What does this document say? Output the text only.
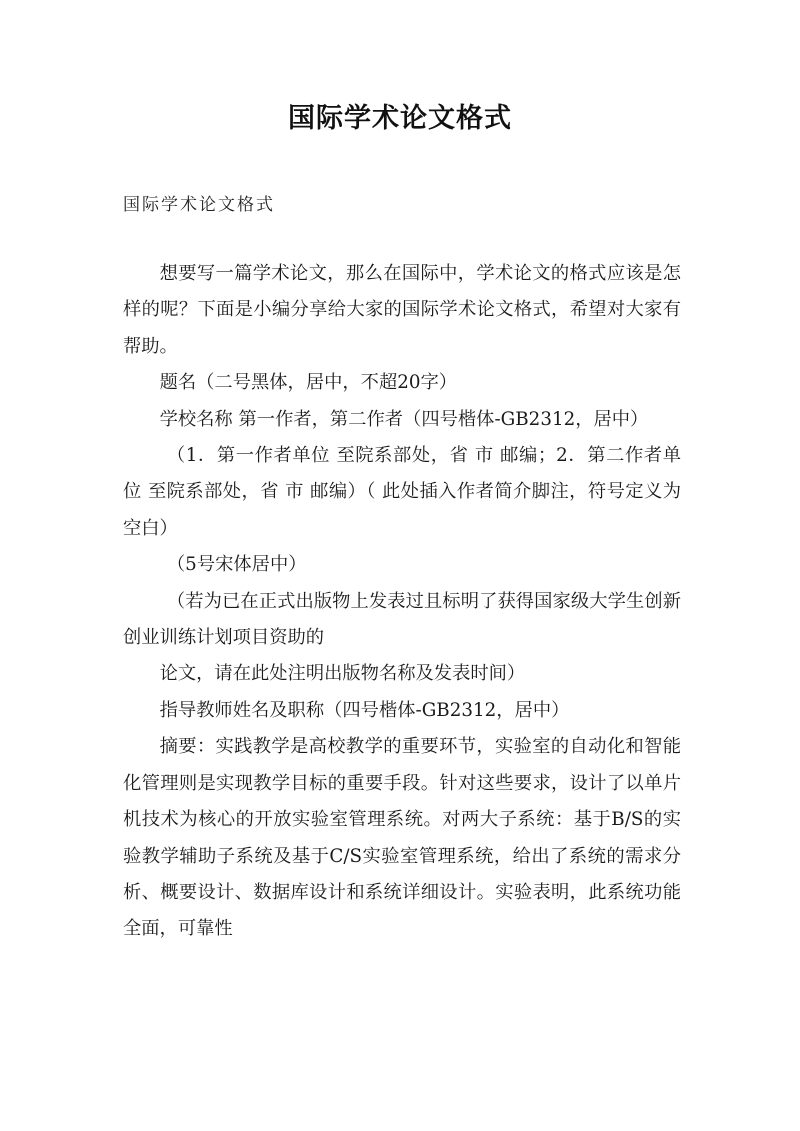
国际学术论文格式
国际学术论文格式

想要写一篇学术论文，那么在国际中，学术论文的格式应该是怎样的呢？下面是小编分享给大家的国际学术论文格式，希望对大家有帮助。

题名（二号黑体，居中，不超20字）

学校名称 第一作者，第二作者（四号楷体-GB2312，居中）

（1．第一作者单位 至院系部处，省 市 邮编；2．第二作者单位 至院系部处，省 市 邮编）（ 此处插入作者简介脚注，符号定义为空白）

（5号宋体居中）

（若为已在正式出版物上发表过且标明了获得国家级大学生创新创业训练计划项目资助的

论文，请在此处注明出版物名称及发表时间）

指导教师姓名及职称（四号楷体-GB2312，居中）

摘要：实践教学是高校教学的重要环节，实验室的自动化和智能化管理则是实现教学目标的重要手段。针对这些要求，设计了以单片机技术为核心的开放实验室管理系统。对两大子系统：基于B/S的实验教学辅助子系统及基于C/S实验室管理系统，给出了系统的需求分析、概要设计、数据库设计和系统详细设计。实验表明，此系统功能全面，可靠性
